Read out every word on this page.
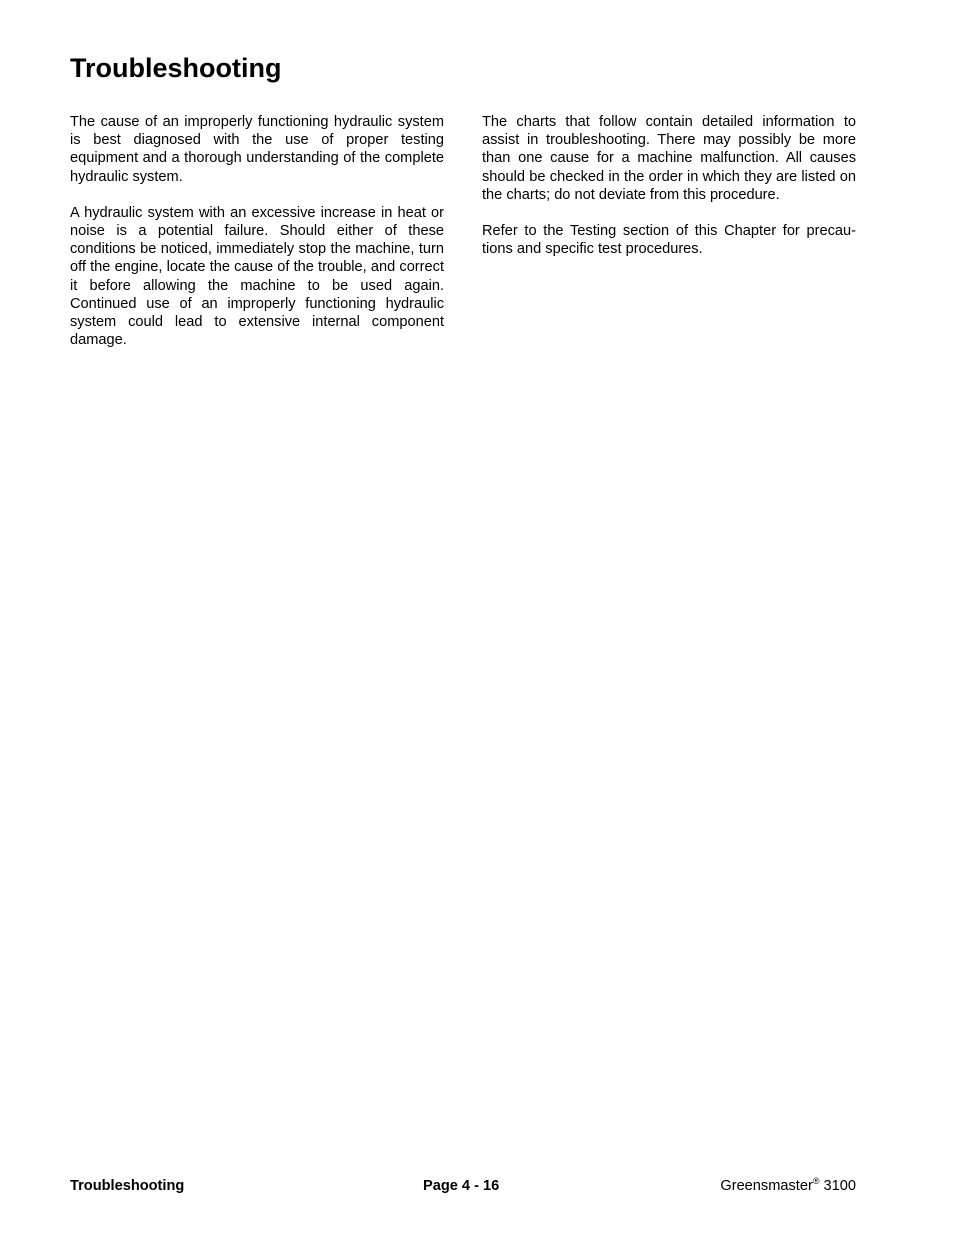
Troubleshooting

The cause of an improperly functioning hydraulic system is best diagnosed with the use of proper testing equipment and a thorough understanding of the complete hydraulic system.

A hydraulic system with an excessive increase in heat or noise is a potential failure. Should either of these conditions be noticed, immediately stop the machine, turn off the engine, locate the cause of the trouble, and correct it before allowing the machine to be used again. Continued use of an improperly functioning hydraulic system could lead to extensive internal component damage.

The charts that follow contain detailed information to assist in troubleshooting. There may possibly be more than one cause for a machine malfunction. All causes should be checked in the order in which they are listed on the charts; do not deviate from this procedure.

Refer to the Testing section of this Chapter for precautions and specific test procedures.

Troubleshooting	Page 4 - 16	Greensmaster® 3100
